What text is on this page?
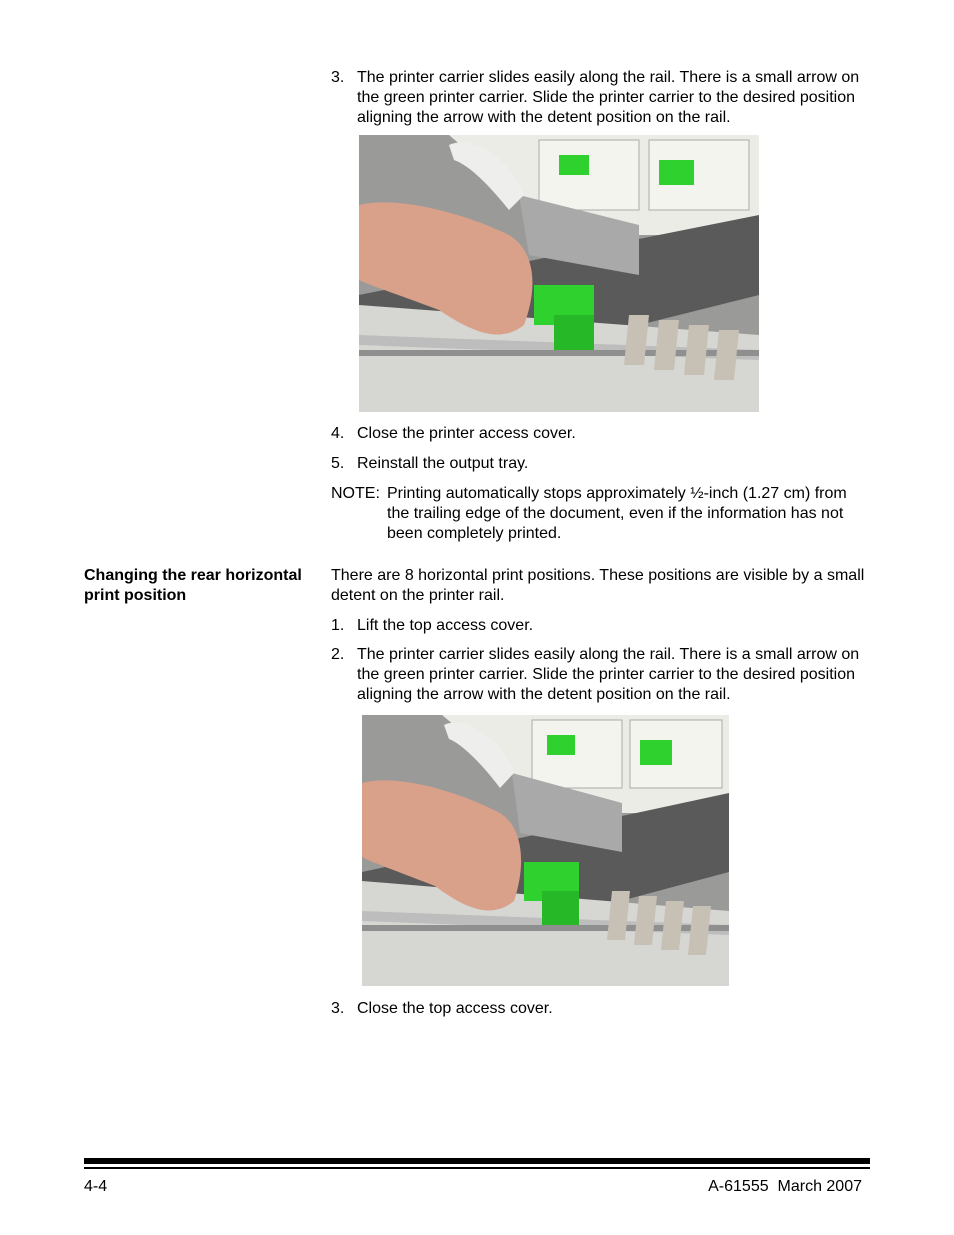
3. The printer carrier slides easily along the rail. There is a small arrow on the green printer carrier. Slide the printer carrier to the desired position aligning the arrow with the detent position on the rail.
4. Close the printer access cover.
5. Reinstall the output tray.
NOTE: Printing automatically stops approximately ½-inch (1.27 cm) from the trailing edge of the document, even if the information has not been completely printed.
Changing the rear horizontal print position
There are 8 horizontal print positions. These positions are visible by a small detent on the printer rail.
1. Lift the top access cover.
2. The printer carrier slides easily along the rail. There is a small arrow on the green printer carrier. Slide the printer carrier to the desired position aligning the arrow with the detent position on the rail.
3. Close the top access cover.
4-4	A-61555  March 2007
